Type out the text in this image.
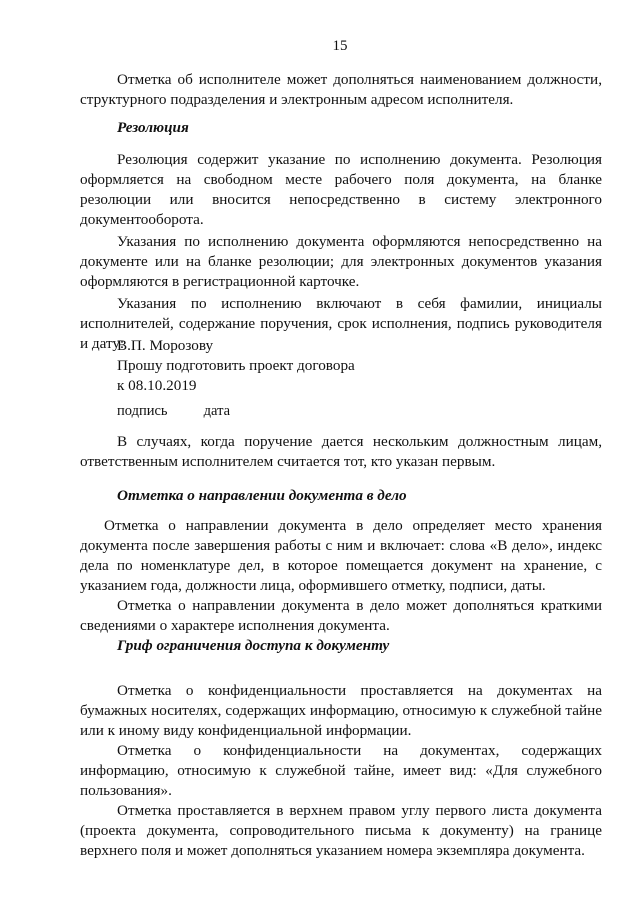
15

Отметка об исполнителе может дополняться наименованием должности, структурного подразделения и электронным адресом исполнителя.

Резолюция

Резолюция содержит указание по исполнению документа. Резолюция оформляется на свободном месте рабочего поля документа, на бланке резолюции или вносится непосредственно в систему электронного документооборота.

Указания по исполнению документа оформляются непосредственно на документе или на бланке резолюции; для электронных документов указания оформляются в регистрационной карточке.

Указания по исполнению включают в себя фамилии, инициалы исполнителей, содержание поручения, срок исполнения, подпись руководителя и дату:

В.П. Морозову

Прошу подготовить проект договора

к 08.10.2019

подпись дата

В случаях, когда поручение дается нескольким должностным лицам, ответственным исполнителем считается тот, кто указан первым.

Отметка о направлении документа в дело

Отметка о направлении документа в дело определяет место хранения документа после завершения работы с ним и включает: слова «В дело», индекс дела по номенклатуре дел, в которое помещается документ на хранение, с указанием года, должности лица, оформившего отметку, подписи, даты.

Отметка о направлении документа в дело может дополняться краткими сведениями о характере исполнения документа.

Гриф ограничения доступа к документу

Отметка о конфиденциальности проставляется на документах на бумажных носителях, содержащих информацию, относимую к служебной тайне или к иному виду конфиденциальной информации.

Отметка о конфиденциальности на документах, содержащих информацию, относимую к служебной тайне, имеет вид: «Для служебного пользования».

Отметка проставляется в верхнем правом углу первого листа документа (проекта документа, сопроводительного письма к документу) на границе верхнего поля и может дополняться указанием номера экземпляра документа.
